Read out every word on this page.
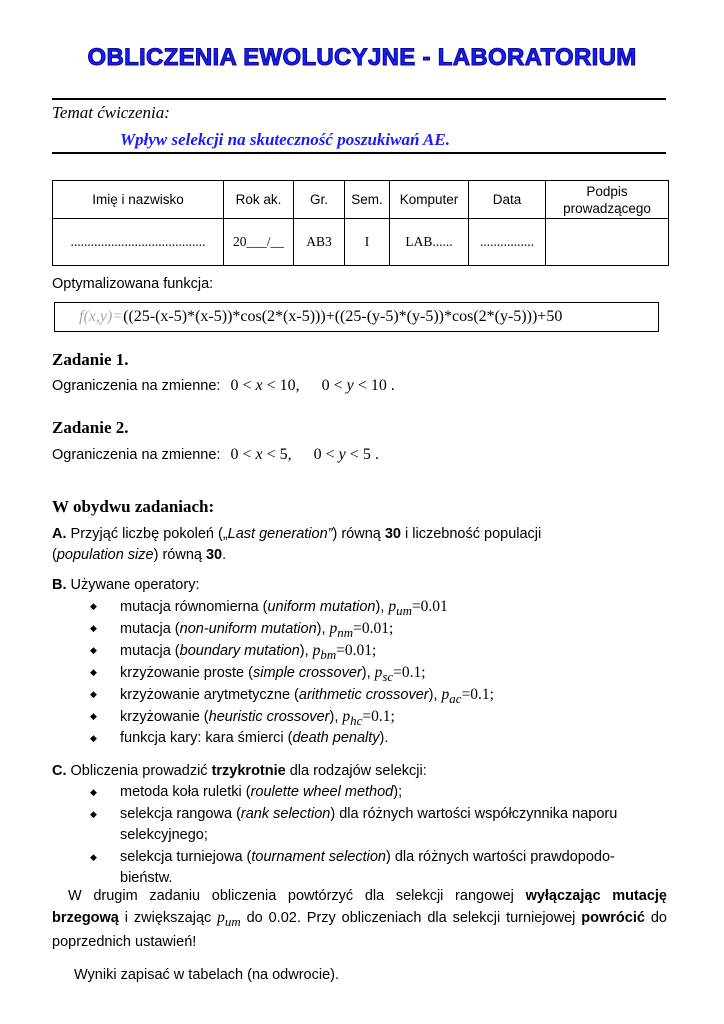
OBLICZENIA EWOLUCYJNE - LABORATORIUM
Temat ćwiczenia:
Wpływ selekcji na skuteczność poszukiwań AE.
Imię i nazwisko	Rok ak.	Gr.	Sem.	Komputer	Data	Podpis prowadzącego
........................................	20___/__	AB3	I	LAB......	................	
Optymalizowana funkcja:
f(x,y)=((25-(x-5)*(x-5))*cos(2*(x-5)))+((25-(y-5)*(y-5))*cos(2*(y-5)))+50
Zadanie 1.
Ograniczenia na zmienne: 0 < x < 10, 0 < y < 10 .
Zadanie 2.
Ograniczenia na zmienne: 0 < x < 5, 0 < y < 5 .
W obydwu zadaniach:
A. Przyjąć liczbę pokoleń („Last generation”) równą 30 i liczebność populacji
(population size) równą 30.
B. Używane operatory:
◆	mutacja równomierna (uniform mutation), $p_{um}=0.01$
◆	mutacja (non-uniform mutation), $p_{nm}=0.01$;
◆	mutacja (boundary mutation), $p_{bm}=0.01$;
◆	krzyżowanie proste (simple crossover), $p_{sc}=0.1$;
◆	krzyżowanie arytmetyczne (arithmetic crossover), $p_{ac}=0.1$;
◆	krzyżowanie (heuristic crossover), $p_{hc}=0.1$;
◆	funkcja kary: kara śmierci (death penalty).
C. Obliczenia prowadzić trzykrotnie dla rodzajów selekcji:
◆	metoda koła ruletki (roulette wheel method);
◆	selekcja rangowa (rank selection) dla różnych wartości współczynnika naporu selekcyjnego;
◆	selekcja turniejowa (tournament selection) dla różnych wartości prawdopodo-bieństw.
W drugim zadaniu obliczenia powtórzyć dla selekcji rangowej wyłączając mutację brzegową i zwiększając $p_{um}$ do 0.02. Przy obliczeniach dla selekcji turniejowej powrócić do poprzednich ustawień!
Wyniki zapisać w tabelach (na odwrocie).
